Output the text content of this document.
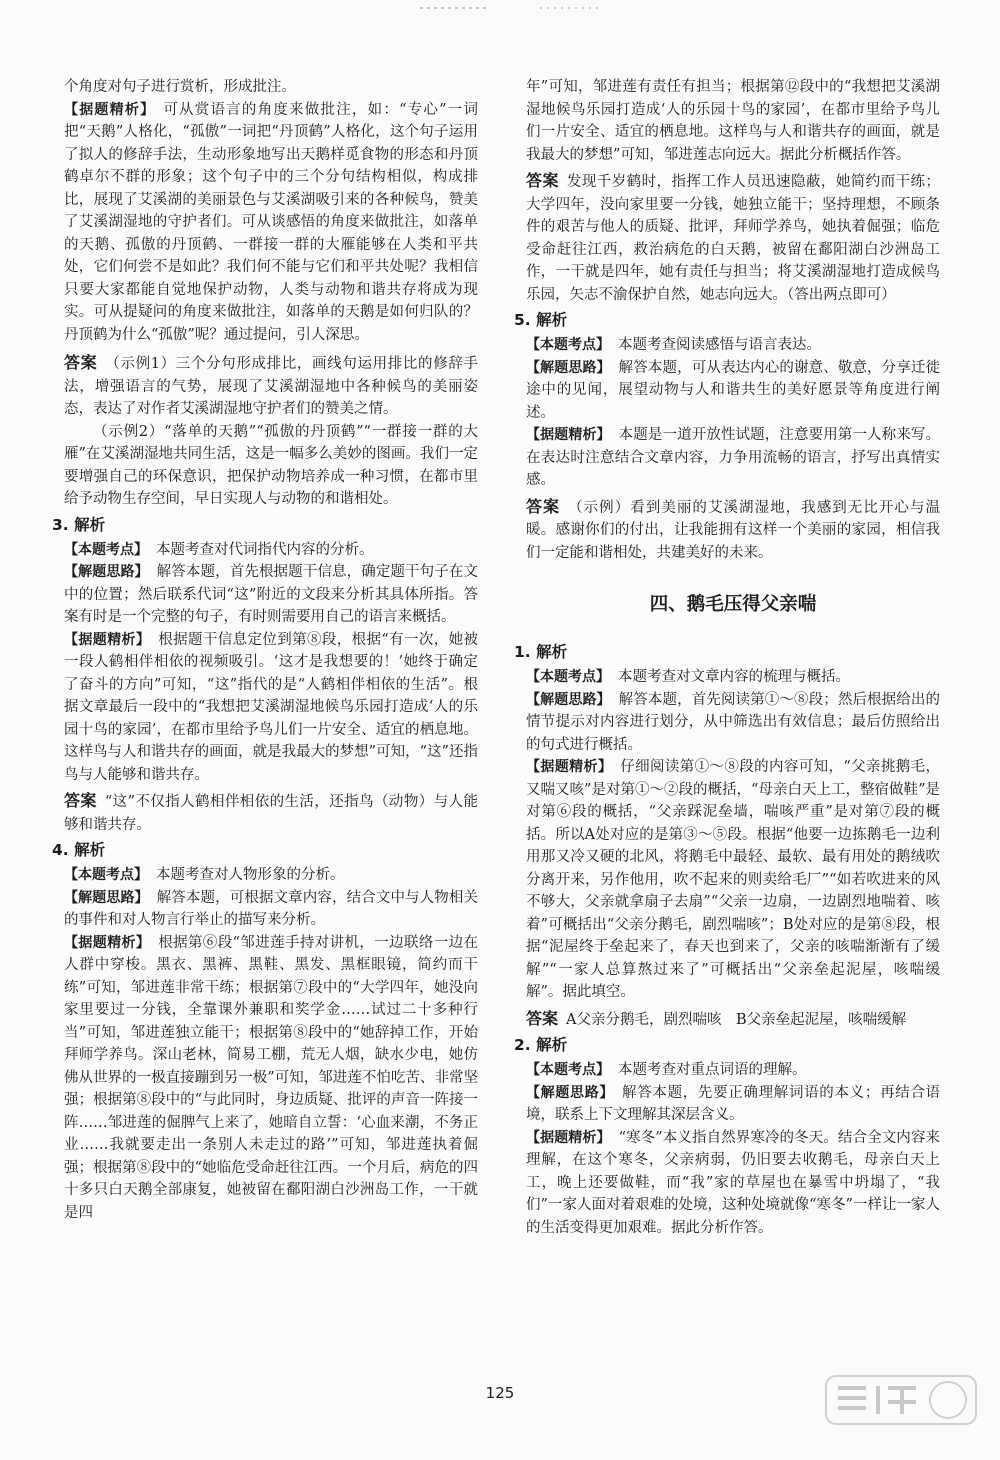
个角度对句子进行赏析，形成批注。

【据题精析】 可从赏语言的角度来做批注，如：“专心”一词把“天鹅”人格化，“孤傲”一词把“丹顶鹤”人格化，这个句子运用了拟人的修辞手法，生动形象地写出天鹅样觅食物的形态和丹顶鹤卓尔不群的形象；这个句子中的三个分句结构相似，构成排比，展现了艾溪湖的美丽景色与艾溪湖吸引来的各种候鸟，赞美了艾溪湖湿地的守护者们。可从谈感悟的角度来做批注，如落单的天鹅、孤傲的丹顶鹤、一群接一群的大雁能够在人类和平共处，它们何尝不是如此？我们何不能与它们和平共处呢？我相信只要大家都能自觉地保护动物，人类与动物和谐共存将成为现实。可从提疑问的角度来做批注，如落单的天鹅是如何归队的？丹顶鹤为什么“孤傲”呢？通过提问，引人深思。

答案 （示例1）三个分句形成排比，画线句运用排比的修辞手法，增强语言的气势，展现了艾溪湖湿地中各种候鸟的美丽姿态，表达了对作者艾溪湖湿地守护者们的赞美之情。

（示例2）“落单的天鹅”“孤傲的丹顶鹤”“一群接一群的大雁”在艾溪湖湿地共同生活，这是一幅多么美妙的图画。我们一定要增强自己的环保意识，把保护动物培养成一种习惯，在都市里给予动物生存空间，早日实现人与动物的和谐相处。

3. 解析

【本题考点】 本题考查对代词指代内容的分析。

【解题思路】 解答本题，首先根据题干信息，确定题干句子在文中的位置；然后联系代词“这”附近的文段来分析其具体所指。答案有时是一个完整的句子，有时则需要用自己的语言来概括。

【据题精析】 根据题干信息定位到第⑧段，根据“有一次，她被一段人鹤相伴相依的视频吸引。‘这才是我想要的！’她终于确定了奋斗的方向”可知，“这”指代的是“人鹤相伴相依的生活”。根据文章最后一段中的“我想把艾溪湖湿地候鸟乐园打造成‘人的乐园十鸟的家园’，在都市里给予鸟儿们一片安全、适宜的栖息地。这样鸟与人和谐共存的画面，就是我最大的梦想”可知，“这”还指鸟与人能够和谐共存。

答案 “这”不仅指人鹤相伴相依的生活，还指鸟（动物）与人能够和谐共存。

4. 解析

【本题考点】 本题考查对人物形象的分析。

【解题思路】 解答本题，可根据文章内容，结合文中与人物相关的事件和对人物言行举止的描写来分析。

【据题精析】 根据第⑥段“邹进莲手持对讲机，一边联络一边在人群中穿梭。黑衣、黑裤、黑鞋、黑发、黑框眼镜，简约而干练”可知，邹进莲非常干练；根据第⑦段中的“大学四年，她没向家里要过一分钱，全靠课外兼职和奖学金……试过二十多种行当”可知，邹进莲独立能干；根据第⑧段中的“她辞掉工作，开始拜师学养鸟。深山老林，简易工棚，荒无人烟，缺水少电，她仿佛从世界的一极直接蹦到另一极”可知，邹进莲不怕吃苦、非常坚强；根据第⑧段中的“与此同时，身边质疑、批评的声音一阵接一阵……邹进莲的倔脾气上来了，她暗自立誓：‘心血来潮，不务正业……我就要走出一条别人未走过的路’”可知，邹进莲执着倔强；根据第⑧段中的“她临危受命赶往江西。一个月后，病危的四十多只白天鹅全部康复，她被留在鄱阳湖白沙洲岛工作，一干就是四

年”可知，邹进莲有责任有担当；根据第⑫段中的“我想把艾溪湖湿地候鸟乐园打造成‘人的乐园十鸟的家园’，在都市里给予鸟儿们一片安全、适宜的栖息地。这样鸟与人和谐共存的画面，就是我最大的梦想”可知，邹进莲志向远大。据此分析概括作答。

答案 发现千岁鹤时，指挥工作人员迅速隐蔽，她简约而干练；大学四年，没向家里要一分钱，她独立能干；坚持理想，不顾条件的艰苦与他人的质疑、批评，拜师学养鸟，她执着倔强；临危受命赶往江西，救治病危的白天鹅，被留在鄱阳湖白沙洲岛工作，一干就是四年，她有责任与担当；将艾溪湖湿地打造成候鸟乐园，矢志不渝保护自然，她志向远大。（答出两点即可）

5. 解析

【本题考点】 本题考查阅读感悟与语言表达。

【解题思路】 解答本题，可从表达内心的谢意、敬意，分享迁徙途中的见闻，展望动物与人和谐共生的美好愿景等角度进行阐述。

【据题精析】 本题是一道开放性试题，注意要用第一人称来写。在表达时注意结合文章内容，力争用流畅的语言，抒写出真情实感。

答案 （示例）看到美丽的艾溪湖湿地，我感到无比开心与温暖。感谢你们的付出，让我能拥有这样一个美丽的家园，相信我们一定能和谐相处，共建美好的未来。

四、鹅毛压得父亲喘
1. 解析

【本题考点】 本题考查对文章内容的梳理与概括。

【解题思路】 解答本题，首先阅读第①～⑧段；然后根据给出的情节提示对内容进行划分，从中筛选出有效信息；最后仿照给出的句式进行概括。

【据题精析】 仔细阅读第①～⑧段的内容可知，“父亲挑鹅毛，又喘又咳”是对第①～②段的概括，“母亲白天上工，整宿做鞋”是对第⑥段的概括，“父亲踩泥垒墙，喘咳严重”是对第⑦段的概括。所以A处对应的是第③～⑤段。根据“他要一边拣鹅毛一边利用那又冷又硬的北风，将鹅毛中最轻、最软、最有用处的鹅绒吹分离开来，另作他用，吹不起来的则卖给毛厂”“如若吹进来的风不够大，父亲就拿扇子去扇”“父亲一边扇，一边剧烈地喘着、咳着”可概括出“父亲分鹅毛，剧烈喘咳”；B处对应的是第⑧段，根据“泥屋终于垒起来了，春天也到来了，父亲的咳喘渐渐有了缓解”“一家人总算熬过来了”可概括出“父亲垒起泥屋，咳喘缓解”。据此填空。

答案 A父亲分鹅毛，剧烈喘咳　B父亲垒起泥屋，咳喘缓解

2. 解析

【本题考点】 本题考查对重点词语的理解。

【解题思路】 解答本题，先要正确理解词语的本义；再结合语境，联系上下文理解其深层含义。

【据题精析】 “寒冬”本义指自然界寒冷的冬天。结合全文内容来理解，在这个寒冬，父亲病弱，仍旧要去收鹅毛，母亲白天上工，晚上还要做鞋，而“我”家的草屋也在暴雪中坍塌了，“我们”一家人面对着艰难的处境，这种处境就像“寒冬”一样让一家人的生活变得更加艰难。据此分析作答。

125
